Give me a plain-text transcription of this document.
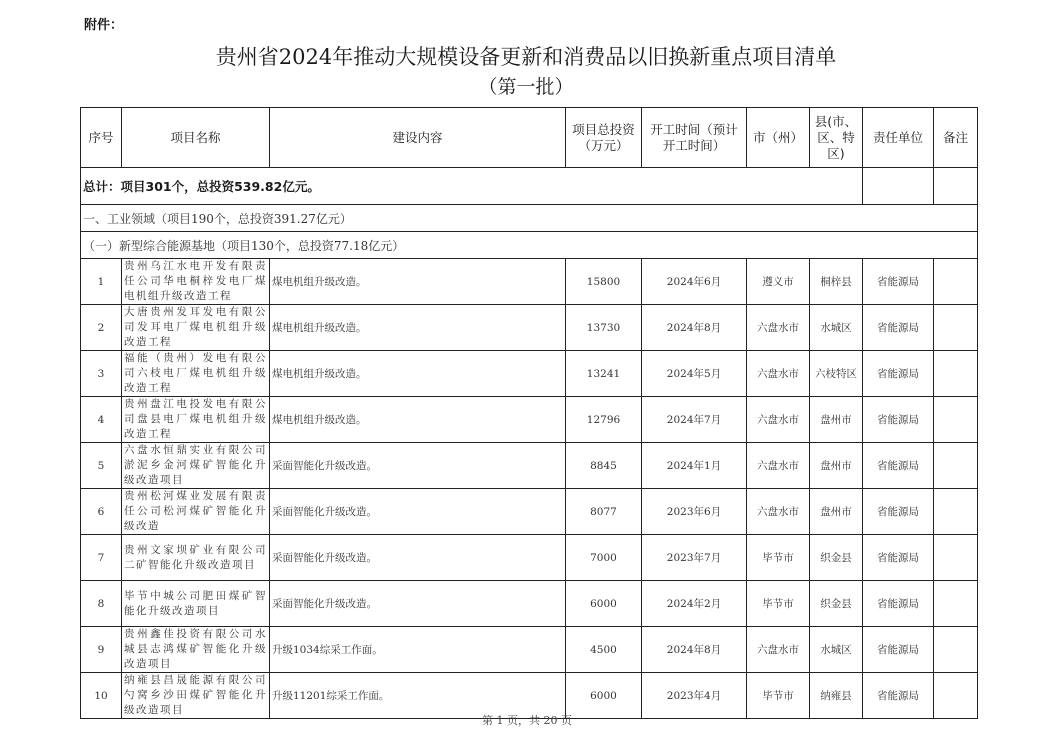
附件：
贵州省2024年推动大规模设备更新和消费品以旧换新重点项目清单
（第一批）
序号	项目名称	建设内容	项目总投资（万元）	开工时间（预计开工时间）	市（州）	县(市、区、特区)	责任单位	备注
总计：项目301个，总投资539.82亿元。								
一、工业领域（项目190个，总投资391.27亿元）								
（一）新型综合能源基地（项目130个，总投资77.18亿元）								
1	贵州乌江水电开发有限责任公司华电桐梓发电厂煤电机组升级改造工程	煤电机组升级改造。	15800	2024年6月	遵义市	桐梓县	省能源局	
2	大唐贵州发耳发电有限公司发耳电厂煤电机组升级改造工程	煤电机组升级改造。	13730	2024年8月	六盘水市	水城区	省能源局	
3	福能（贵州）发电有限公司六枝电厂煤电机组升级改造工程	煤电机组升级改造。	13241	2024年5月	六盘水市	六枝特区	省能源局	
4	贵州盘江电投发电有限公司盘县电厂煤电机组升级改造工程	煤电机组升级改造。	12796	2024年7月	六盘水市	盘州市	省能源局	
5	六盘水恒鼎实业有限公司淤泥乡金河煤矿智能化升级改造项目	采面智能化升级改造。	8845	2024年1月	六盘水市	盘州市	省能源局	
6	贵州松河煤业发展有限责任公司松河煤矿智能化升级改造	采面智能化升级改造。	8077	2023年6月	六盘水市	盘州市	省能源局	
7	贵州文家坝矿业有限公司二矿智能化升级改造项目	采面智能化升级改造。	7000	2023年7月	毕节市	织金县	省能源局	
8	毕节中城公司肥田煤矿智能化升级改造项目	采面智能化升级改造。	6000	2024年2月	毕节市	织金县	省能源局	
9	贵州鑫佳投资有限公司水城县志鸿煤矿智能化升级改造项目	升级1034综采工作面。	4500	2024年8月	六盘水市	水城区	省能源局	
10	纳雍县昌晟能源有限公司勺窝乡沙田煤矿智能化升级改造项目	升级11201综采工作面。	6000	2023年4月	毕节市	纳雍县	省能源局	
第 1 页，共 20 页
